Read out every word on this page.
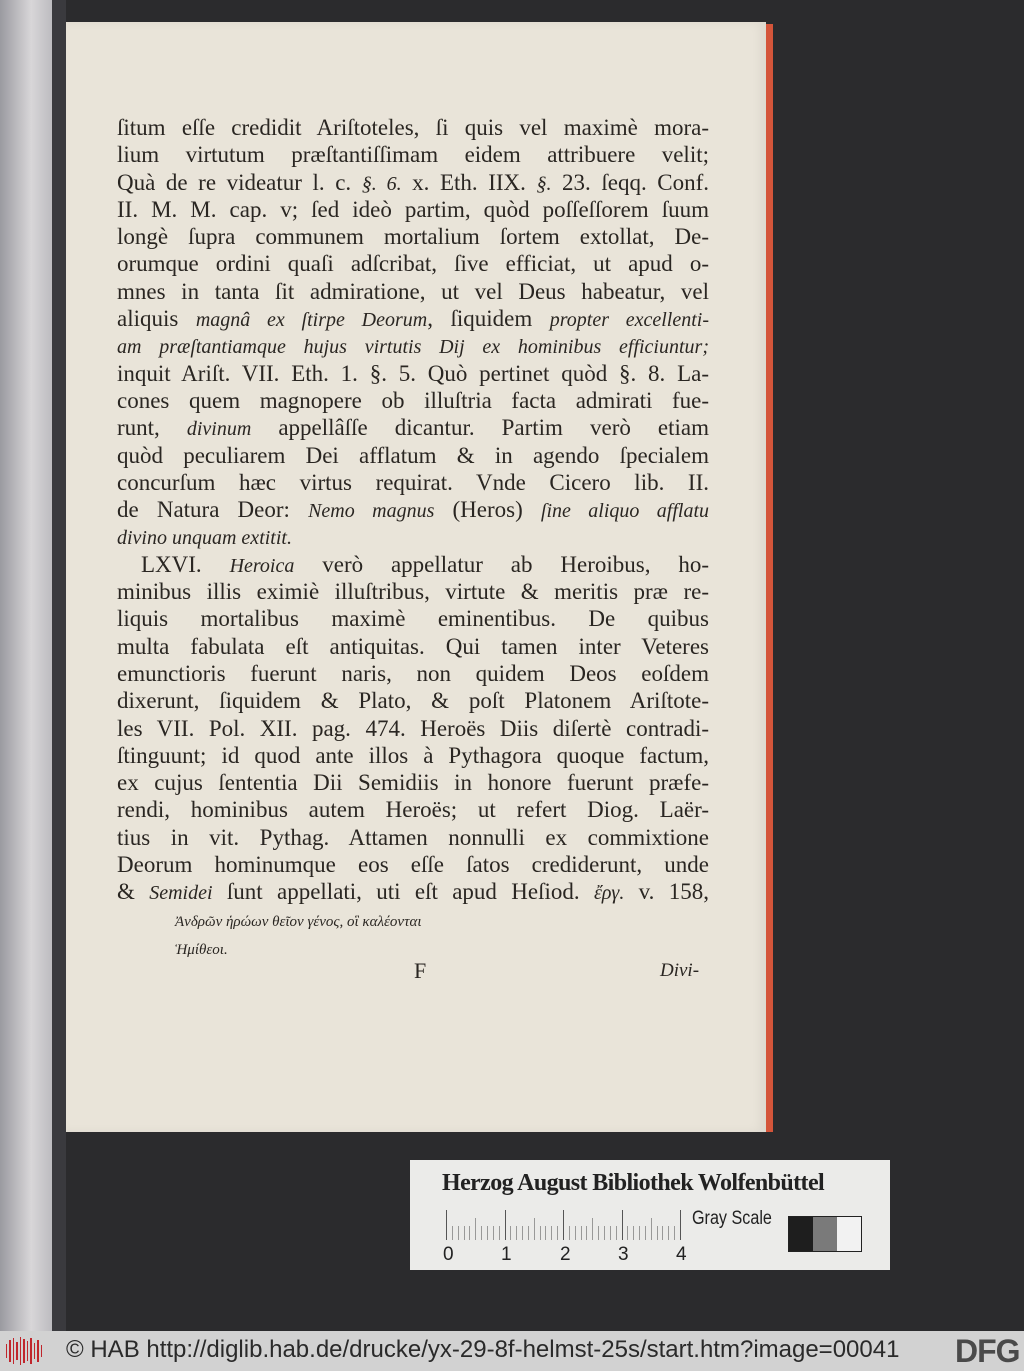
ſitum eſſe credidit Ariſtoteles, ſi quis vel maximè mora-
lium virtutum præſtantiſſimam eidem attribuere velit;
Quà de re videatur l. c. §. 6. x. Eth. IIX. §. 23. ſeqq. Conf.
II. M. M. cap. v; ſed ideò partim, quòd poſſeſſorem ſuum
longè ſupra communem mortalium ſortem extollat, De-
orumque ordini quaſi adſcribat, ſive efficiat, ut apud o-
mnes in tanta ſit admiratione, ut vel Deus habeatur, vel
aliquis magnâ ex ſtirpe Deorum, ſiquidem propter excellenti-
am præſtantiamque hujus virtutis Dij ex hominibus efficiuntur;
inquit Ariſt. VII. Eth. 1. §. 5. Quò pertinet quòd §. 8. La-
cones quem magnopere ob illuſtria facta admirati fue-
runt, divinum appellâſſe dicantur. Partim verò etiam
quòd peculiarem Dei afflatum & in agendo ſpecialem
concurſum hæc virtus requirat. Vnde Cicero lib. II.
de Natura Deor: Nemo magnus (Heros) ſine aliquo afflatu
divino unquam extitit.
LXVI. Heroica verò appellatur ab Heroibus, ho-
minibus illis eximiè illuſtribus, virtute & meritis præ re-
liquis mortalibus maximè eminentibus. De quibus
multa fabulata eſt antiquitas. Qui tamen inter Veteres
emunctioris fuerunt naris, non quidem Deos eoſdem
dixerunt, ſiquidem & Plato, & poſt Platonem Ariſtote-
les VII. Pol. XII. pag. 474. Heroës Diis diſertè contradi-
ſtinguunt; id quod ante illos à Pythagora quoque factum,
ex cujus ſententia Dii Semidiis in honore fuerunt præfe-
rendi, hominibus autem Heroës; ut refert Diog. Laër-
tius in vit. Pythag. Attamen nonnulli ex commixtione
Deorum hominumque eos eſſe ſatos crediderunt, unde
& Semidei ſunt appellati, uti eſt apud Heſiod. ἔργ. v. 158,
Ἀνδρῶν ἡρώων θεῖον γένος, οἳ καλέονται
Ἡμίθεοι.
F	Divi-
Herzog August Bibliothek Wolfenbüttel
0 1	2 3 4
Gray Scale
© HAB http://diglib.hab.de/drucke/yx-29-8f-helmst-25s/start.htm?image=00041 DFG
